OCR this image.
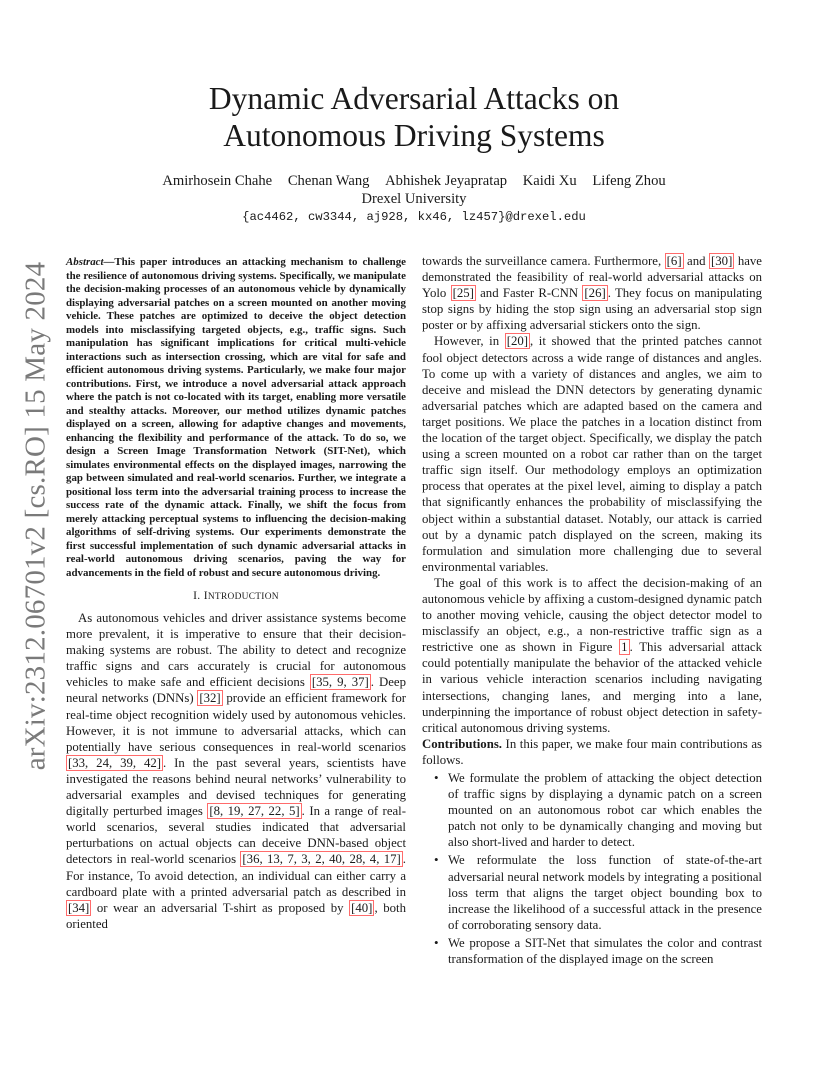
arXiv:2312.06701v2 [cs.RO] 15 May 2024
Dynamic Adversarial Attacks on
Autonomous Driving Systems
Amirhosein Chahe Chenan Wang Abhishek Jeyapratap Kaidi Xu Lifeng Zhou
Drexel University
{ac4462, cw3344, aj928, kx46, lz457}@drexel.edu

Abstract—This paper introduces an attacking mechanism to challenge the resilience of autonomous driving systems. Specifically, we manipulate the decision-making processes of an autonomous vehicle by dynamically displaying adversarial patches on a screen mounted on another moving vehicle. These patches are optimized to deceive the object detection models into misclassifying targeted objects, e.g., traffic signs. Such manipulation has significant implications for critical multi-vehicle interactions such as intersection crossing, which are vital for safe and efficient autonomous driving systems. Particularly, we make four major contributions. First, we introduce a novel adversarial attack approach where the patch is not co-located with its target, enabling more versatile and stealthy attacks. Moreover, our method utilizes dynamic patches displayed on a screen, allowing for adaptive changes and movements, enhancing the flexibility and performance of the attack. To do so, we design a Screen Image Transformation Network (SIT-Net), which simulates environmental effects on the displayed images, narrowing the gap between simulated and real-world scenarios. Further, we integrate a positional loss term into the adversarial training process to increase the success rate of the dynamic attack. Finally, we shift the focus from merely attacking perceptual systems to influencing the decision-making algorithms of self-driving systems. Our experiments demonstrate the first successful implementation of such dynamic adversarial attacks in real-world autonomous driving scenarios, paving the way for advancements in the field of robust and secure autonomous driving.

I. INTRODUCTION

As autonomous vehicles and driver assistance systems become more prevalent, it is imperative to ensure that their decision-making systems are robust. The ability to detect and recognize traffic signs and cars accurately is crucial for autonomous vehicles to make safe and efficient decisions [35, 9, 37] . Deep neural networks (DNNs) [32] provide an efficient framework for real-time object recognition widely used by autonomous vehicles. However, it is not immune to adversarial attacks, which can potentially have serious consequences in real-world scenarios [33, 24, 39, 42] . In the past several years, scientists have investigated the reasons behind neural networks’ vulnerability to adversarial examples and devised techniques for generating digitally perturbed images [8, 19, 27, 22, 5] . In a range of real-world scenarios, several studies indicated that adversarial perturbations on actual objects can deceive DNN-based object detectors in real-world scenarios [36, 13, 7, 3, 2, 40, 28, 4, 17] . For instance, To avoid detection, an individual can either carry a cardboard plate with a printed adversarial patch as described in [34] or wear an adversarial T-shirt as proposed by [40] , both oriented

towards the surveillance camera. Furthermore, [6] and [30] have demonstrated the feasibility of real-world adversarial attacks on Yolo [25] and Faster R-CNN [26] . They focus on manipulating stop signs by hiding the stop sign using an adversarial stop sign poster or by affixing adversarial stickers onto the sign.

However, in [20] , it showed that the printed patches cannot fool object detectors across a wide range of distances and angles. To come up with a variety of distances and angles, we aim to deceive and mislead the DNN detectors by generating dynamic adversarial patches which are adapted based on the camera and target positions. We place the patches in a location distinct from the location of the target object. Specifically, we display the patch using a screen mounted on a robot car rather than on the target traffic sign itself. Our methodology employs an optimization process that operates at the pixel level, aiming to display a patch that significantly enhances the probability of misclassifying the object within a substantial dataset. Notably, our attack is carried out by a dynamic patch displayed on the screen, making its formulation and simulation more challenging due to several environmental variables.

The goal of this work is to affect the decision-making of an autonomous vehicle by affixing a custom-designed dynamic patch to another moving vehicle, causing the object detector model to misclassify an object, e.g., a non-restrictive traffic sign as a restrictive one as shown in Figure 1 . This adversarial attack could potentially manipulate the behavior of the attacked vehicle in various vehicle interaction scenarios including navigating intersections, changing lanes, and merging into a lane, underpinning the importance of robust object detection in safety-critical autonomous driving systems.

Contributions. In this paper, we make four main contributions as follows.

• We formulate the problem of attacking the object detection of traffic signs by displaying a dynamic patch on a screen mounted on an autonomous robot car which enables the patch not only to be dynamically changing and moving but also short-lived and harder to detect.
• We reformulate the loss function of state-of-the-art adversarial neural network models by integrating a positional loss term that aligns the target object bounding box to increase the likelihood of a successful attack in the presence of corroborating sensory data.
• We propose a SIT-Net that simulates the color and contrast transformation of the displayed image on the screen
